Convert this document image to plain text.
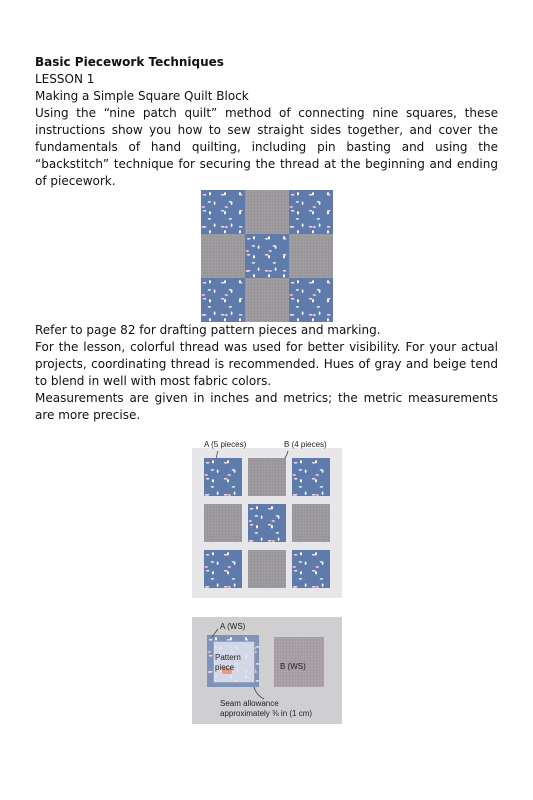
Basic Piecework Techniques
LESSON 1
Making a Simple Square Quilt Block
Using the “nine patch quilt” method of connecting nine squares, these instructions show you how to sew straight sides together, and cover the fundamentals of hand quilting, including pin basting and using the “backstitch” technique for securing the thread at the beginning and ending of piecework.
Refer to page 82 for drafting pattern pieces and marking.
For the lesson, colorful thread was used for better visibility. For your actual projects, coordinating thread is recommended. Hues of gray and beige tend to blend in well with most fabric colors.
Measurements are given in inches and metrics; the metric measurements are more precise.
A (5 pieces)	B (4 pieces)
A (WS)
Pattern piece	B (WS)
Seam allowance
approximately ⅜ in (1 cm)
